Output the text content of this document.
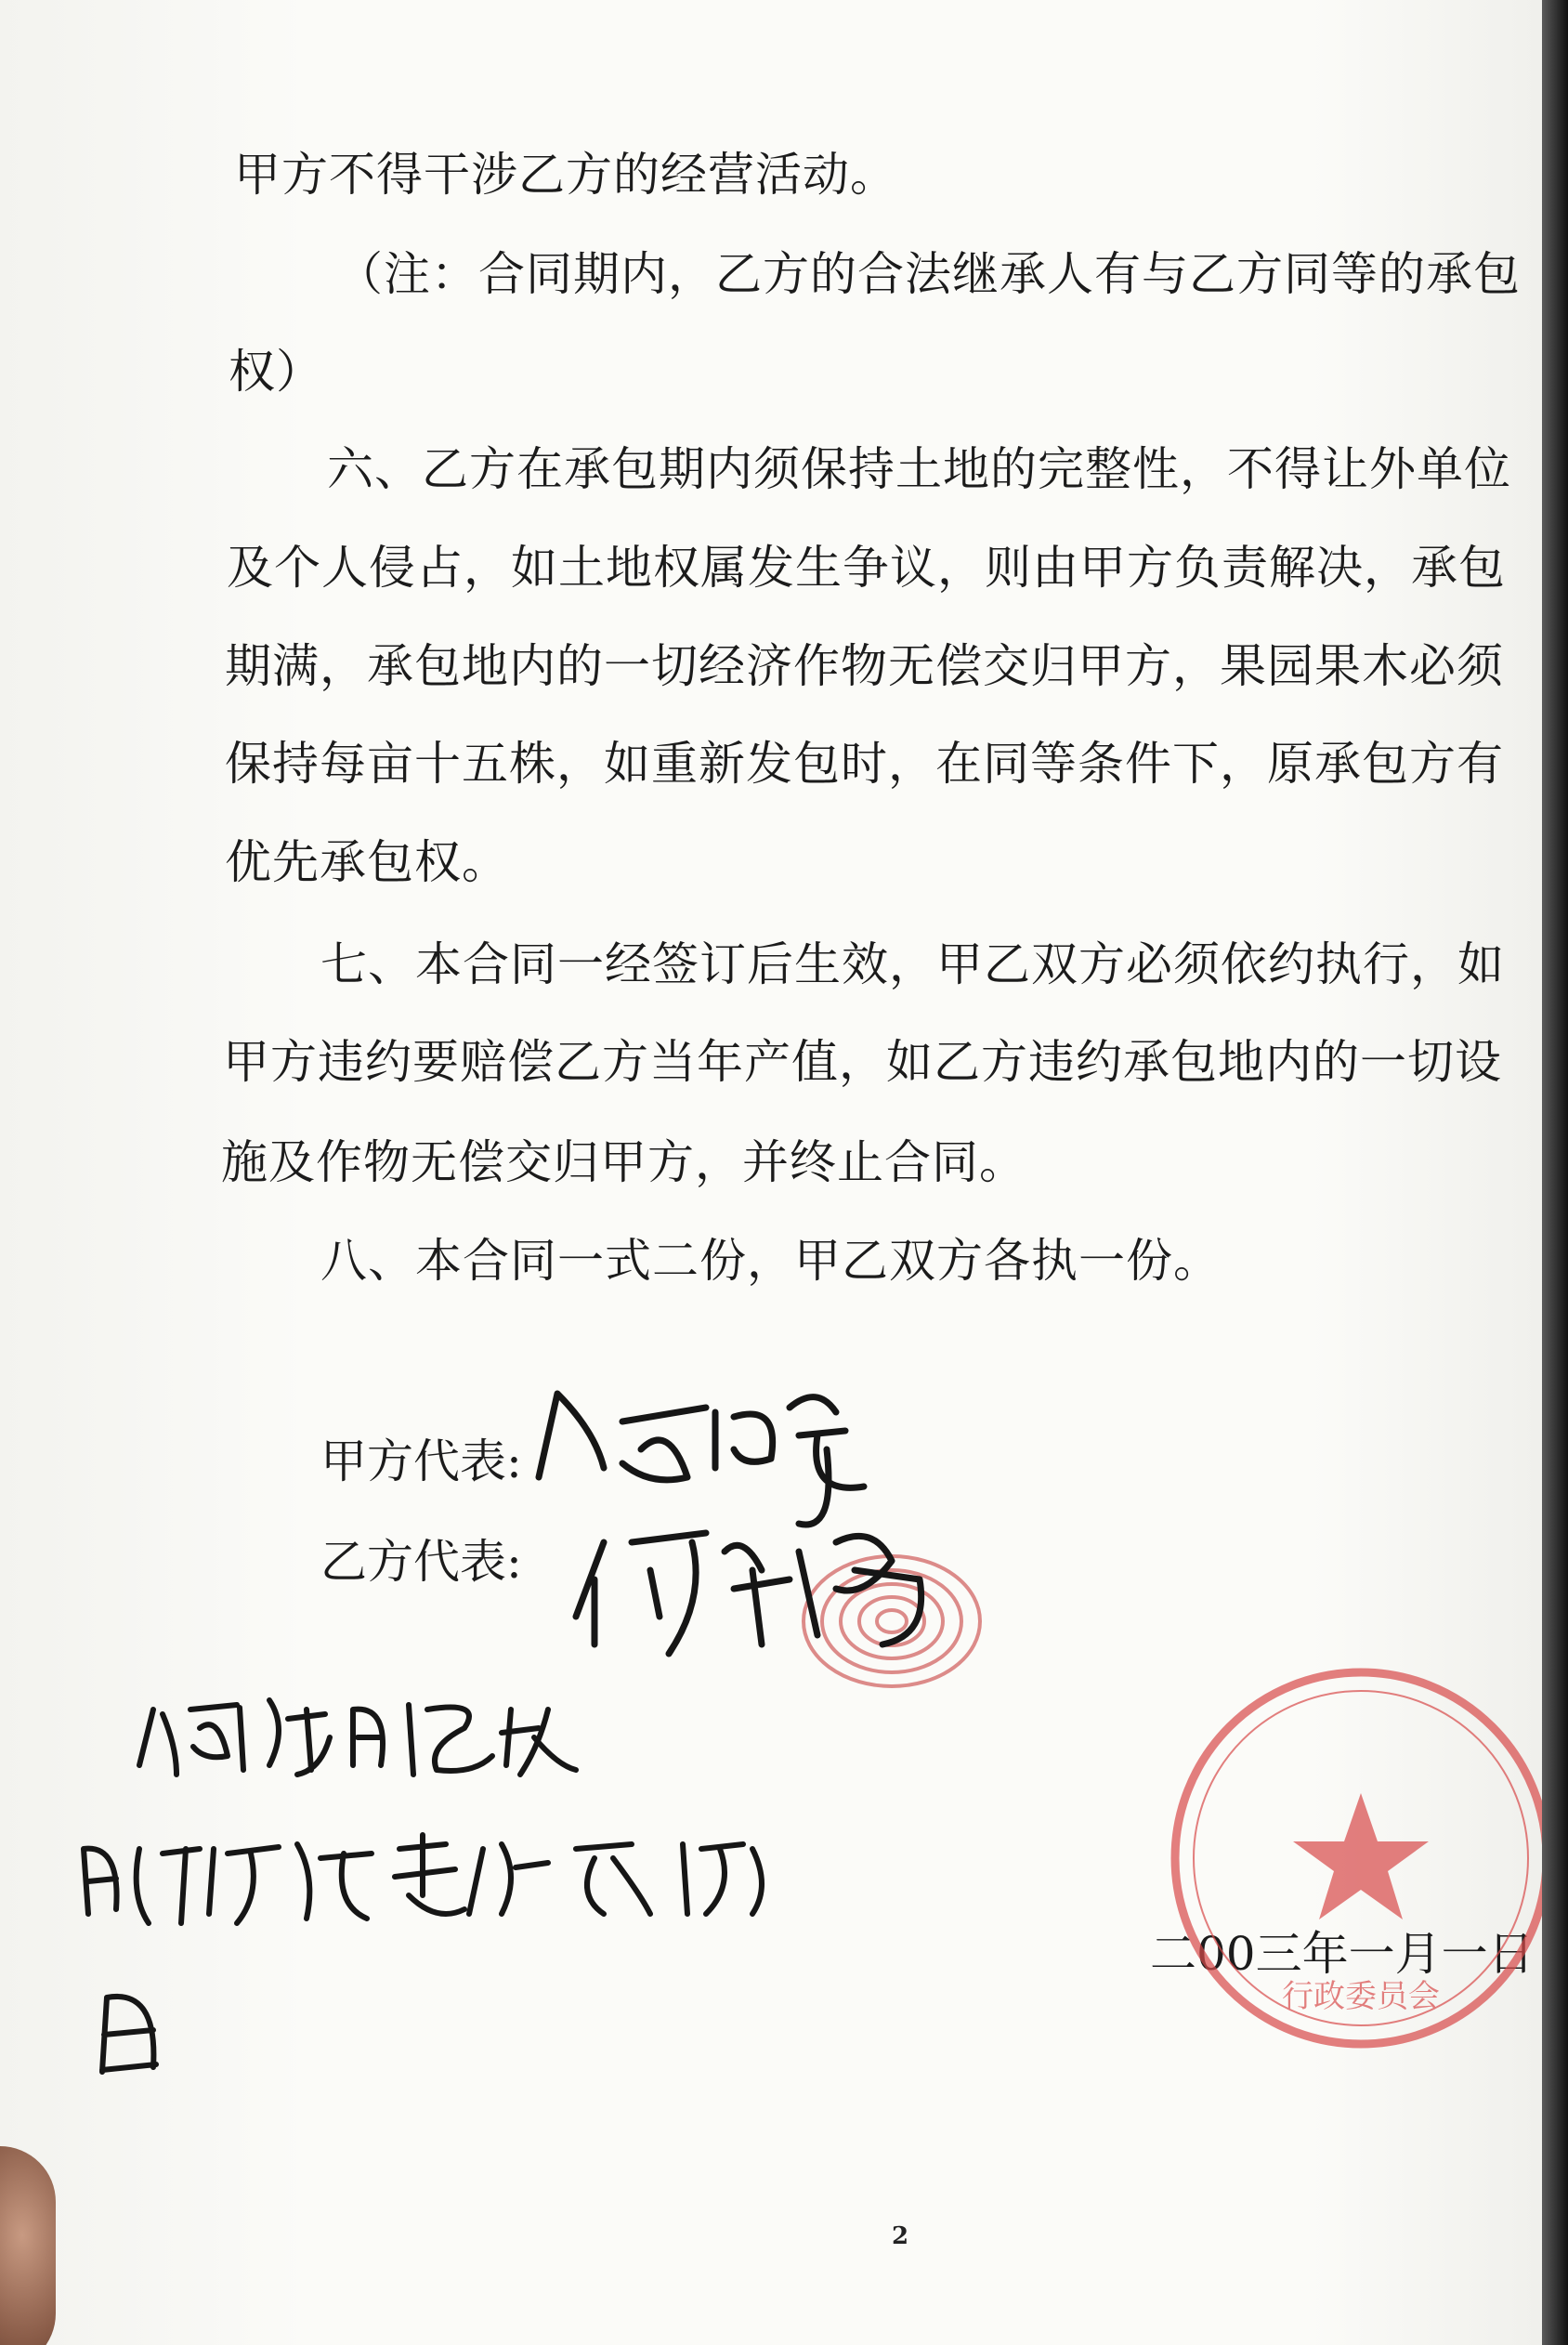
甲方不得干涉乙方的经营活动。
（注：合同期内，乙方的合法继承人有与乙方同等的承包
权）
六、乙方在承包期内须保持土地的完整性，不得让外单位
及个人侵占，如土地权属发生争议，则由甲方负责解决，承包
期满，承包地内的一切经济作物无偿交归甲方，果园果木必须
保持每亩十五株，如重新发包时，在同等条件下，原承包方有
优先承包权。
七、本合同一经签订后生效，甲乙双方必须依约执行，如
甲方违约要赔偿乙方当年产值，如乙方违约承包地内的一切设
施及作物无偿交归甲方，并终止合同。
八、本合同一式二份，甲乙双方各执一份。
甲方代表:
乙方代表:
二00三年一月一日
2
行政委员会
